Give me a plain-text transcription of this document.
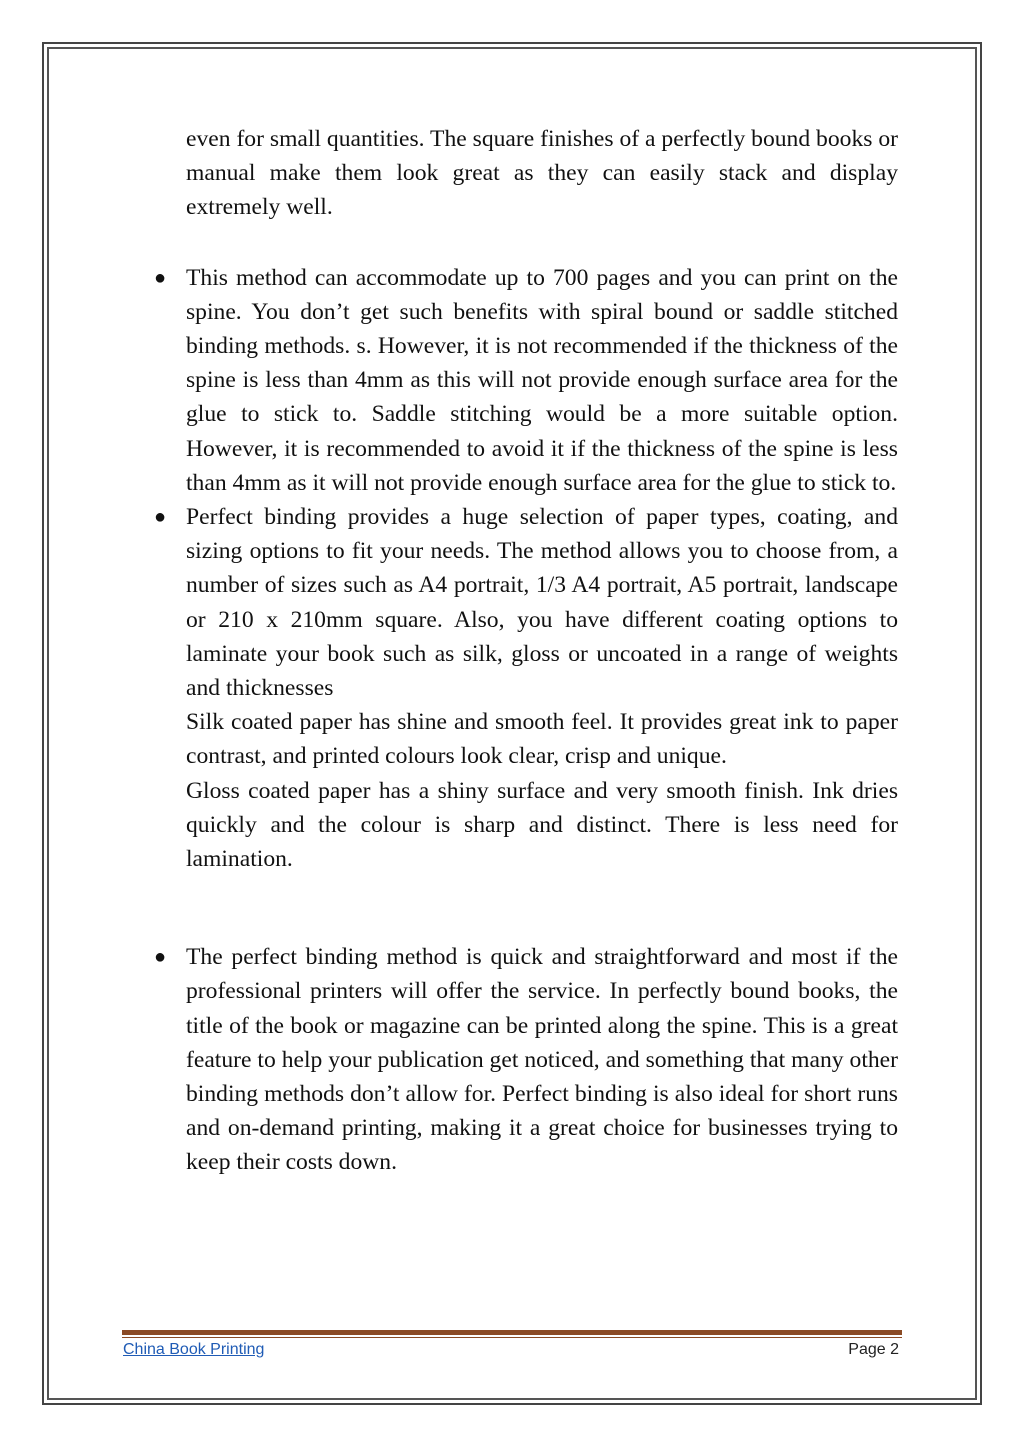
even for small quantities. The square finishes of a perfectly bound books or manual make them look great as they can easily stack and display extremely well.

● This method can accommodate up to 700 pages and you can print on the spine. You don’t get such benefits with spiral bound or saddle stitched binding methods. s. However, it is not recommended if the thickness of the spine is less than 4mm as this will not provide enough surface area for the glue to stick to. Saddle stitching would be a more suitable option. However, it is recommended to avoid it if the thickness of the spine is less than 4mm as it will not provide enough surface area for the glue to stick to.

● Perfect binding provides a huge selection of paper types, coating, and sizing options to fit your needs. The method allows you to choose from, a number of sizes such as A4 portrait, 1/3 A4 portrait, A5 portrait, landscape or 210 x 210mm square. Also, you have different coating options to laminate your book such as silk, gloss or uncoated in a range of weights and thicknesses

Silk coated paper has shine and smooth feel. It provides great ink to paper contrast, and printed colours look clear, crisp and unique.

Gloss coated paper has a shiny surface and very smooth finish. Ink dries quickly and the colour is sharp and distinct. There is less need for lamination.

● The perfect binding method is quick and straightforward and most if the professional printers will offer the service. In perfectly bound books, the title of the book or magazine can be printed along the spine. This is a great feature to help your publication get noticed, and something that many other binding methods don’t allow for. Perfect binding is also ideal for short runs and on-demand printing, making it a great choice for businesses trying to keep their costs down.

China Book Printing	Page 2
